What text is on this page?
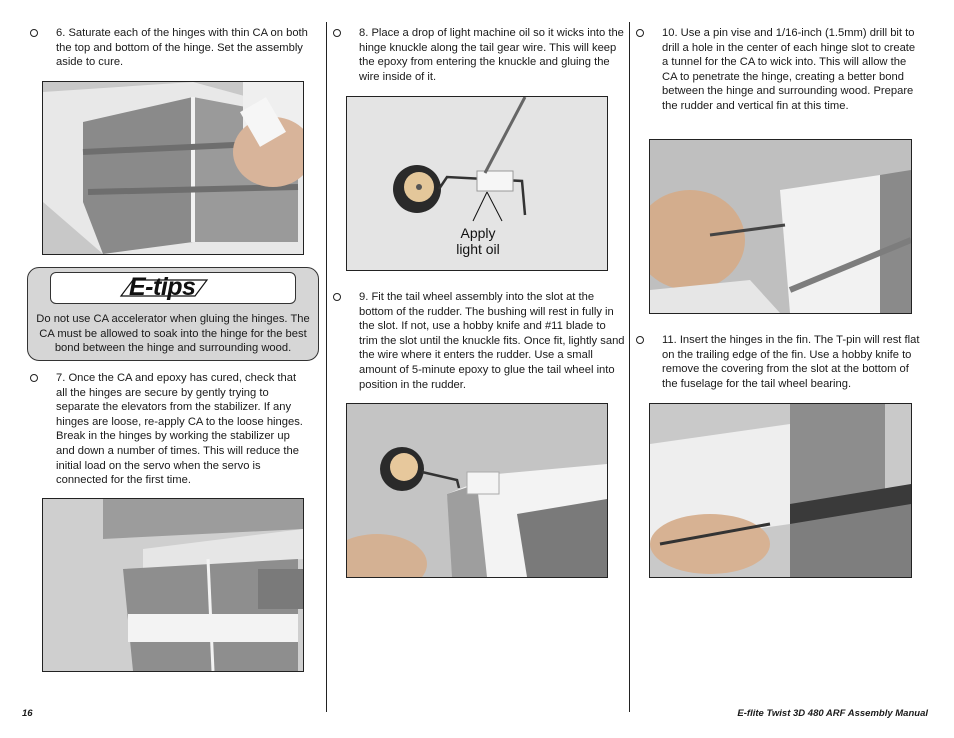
6. Saturate each of the hinges with thin CA on both the top and bottom of the hinge. Set the assembly aside to cure.
E-tips
Do not use CA accelerator when gluing the hinges. The CA must be allowed to soak into the hinge for the best bond between the hinge and surrounding wood.
7. Once the CA and epoxy has cured, check that all the hinges are secure by gently trying to separate the elevators from the stabilizer. If any hinges are loose, re-apply CA to the loose hinges. Break in the hinges by working the stabilizer up and down a number of times. This will reduce the initial load on the servo when the servo is connected for the first time.
8. Place a drop of light machine oil so it wicks into the hinge knuckle along the tail gear wire. This will keep the epoxy from entering the knuckle and gluing the wire inside of it.
Apply light oil
9. Fit the tail wheel assembly into the slot at the bottom of the rudder. The bushing will rest in fully in the slot. If not, use a hobby knife and #11 blade to trim the slot until the knuckle fits. Once fit, lightly sand the wire where it enters the rudder. Use a small amount of 5-minute epoxy to glue the tail wheel into position in the rudder.
10. Use a pin vise and 1/16-inch (1.5mm) drill bit to drill a hole in the center of each hinge slot to create a tunnel for the CA to wick into. This will allow the CA to penetrate the hinge, creating a better bond between the hinge and surrounding wood. Prepare the rudder and vertical fin at this time.
11. Insert the hinges in the fin. The T-pin will rest flat on the trailing edge of the fin. Use a hobby knife to remove the covering from the slot at the bottom of the fuselage for the tail wheel bearing.
16	E-flite Twist 3D 480 ARF Assembly Manual
